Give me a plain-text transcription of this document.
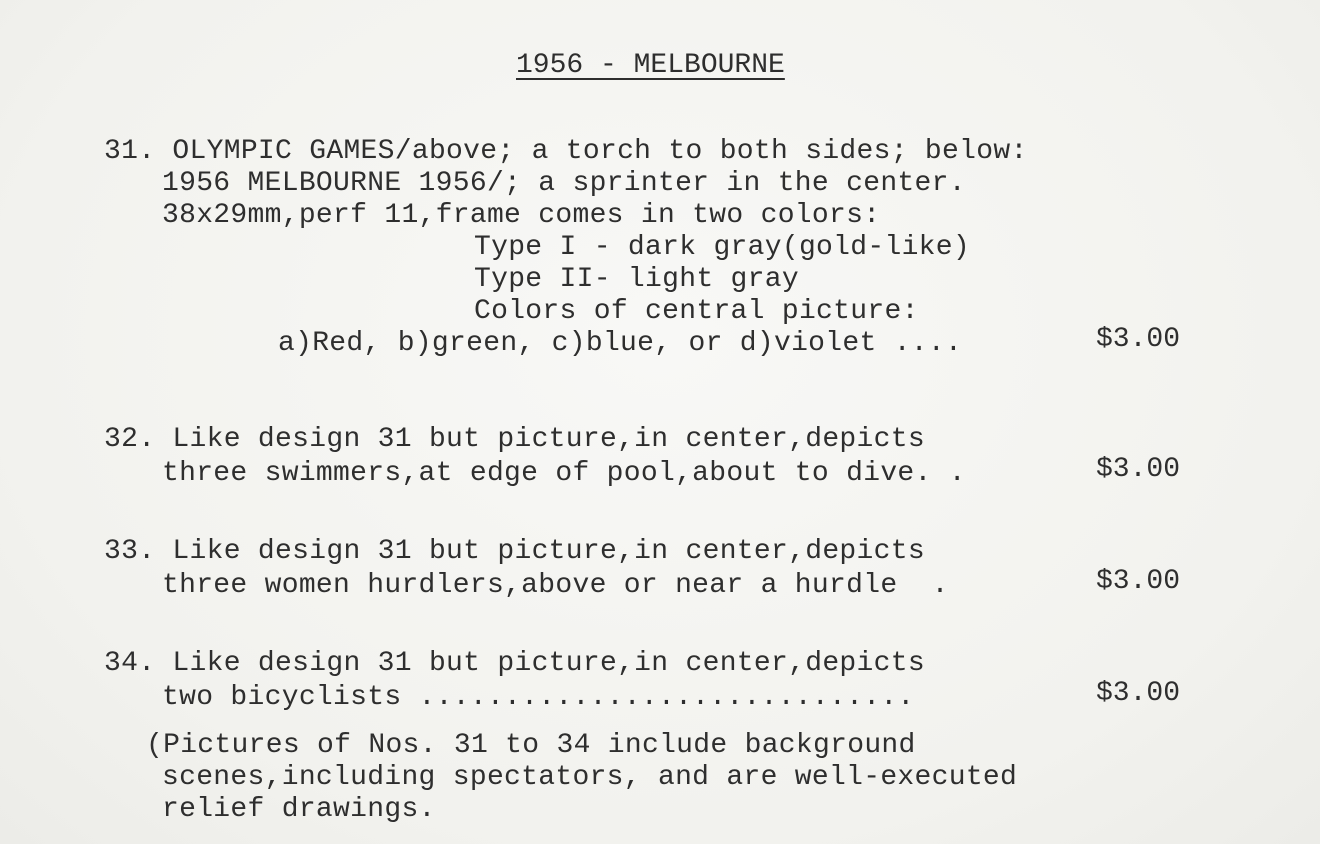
1956 - MELBOURNE
31. OLYMPIC GAMES/above; a torch to both sides; below:
1956 MELBOURNE 1956/; a sprinter in the center.
38x29mm,perf 11,frame comes in two colors:
Type I - dark gray(gold-like)
Type II- light gray
Colors of central picture:
a)Red, b)green, c)blue, or d)violet ....	$3.00
32. Like design 31 but picture,in center,depicts
three swimmers,at edge of pool,about to dive. .	$3.00
33. Like design 31 but picture,in center,depicts
three women hurdlers,above or near a hurdle  .	$3.00
34. Like design 31 but picture,in center,depicts
two bicyclists .............................	$3.00
(Pictures of Nos. 31 to 34 include background
scenes,including spectators, and are well-executed
relief drawings.
